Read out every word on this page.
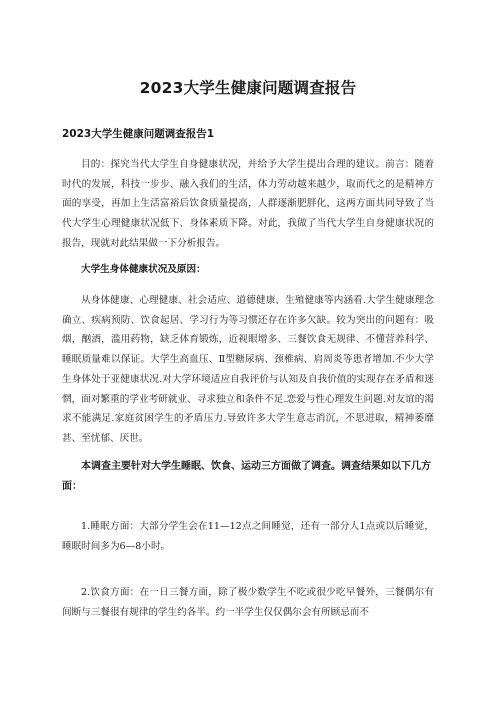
2023大学生健康问题调查报告
2023大学生健康问题调查报告1

目的：探究当代大学生自身健康状况，并给予大学生提出合理的建议。前言：随着时代的发展，科技一步步、融入我们的生活，体力劳动越来越少，取而代之的是精神方面的享受，再加上生活富裕后饮食质量提高，人群逐渐肥胖化，这两方面共同导致了当代大学生心理健康状况低下、身体素质下降。对此，我做了当代大学生自身健康状况的报告，现就对此结果做一下分析报告。

大学生身体健康状况及原因：

从身体健康、心理健康、社会适应、道德健康、生殖健康等内涵看.大学生健康理念确立、疾病预防、饮食起居、学习行为等习惯还存在许多欠缺。较为突出的问题有：吸烟，酗酒，滥用药物，缺乏体育锻炼，近视眼增多、三餐饮食无规律、不懂营养科学、睡眠质量难以保证。大学生高血压、Ⅱ型糖尿病、颈椎病、肩周炎等患者增加.不少大学生身体处于亚健康状况.对大学环境适应自我评价与认知及自我价值的实现存在矛盾和迷惘，面对繁重的学业考研就业、寻求独立和条件不足.恋爱与性心理发生问题.对友谊的渴求不能满足.家庭贫困学生的矛盾压力.导致许多大学生意志消沉，不思进取，精神萎靡甚、至忧郁、厌世。

本调查主要针对大学生睡眠、饮食、运动三方面做了调查。调查结果如以下几方面：

1.睡眠方面：大部分学生会在11—12点之间睡觉，还有一部分人1点或以后睡觉，睡眠时间多为6—8小时。

2.饮食方面：在一日三餐方面，除了极少数学生不吃或很少吃早餐外，三餐偶尔有间断与三餐很有规律的学生约各半。约一半学生仅仅偶尔会有所顾忌而不
